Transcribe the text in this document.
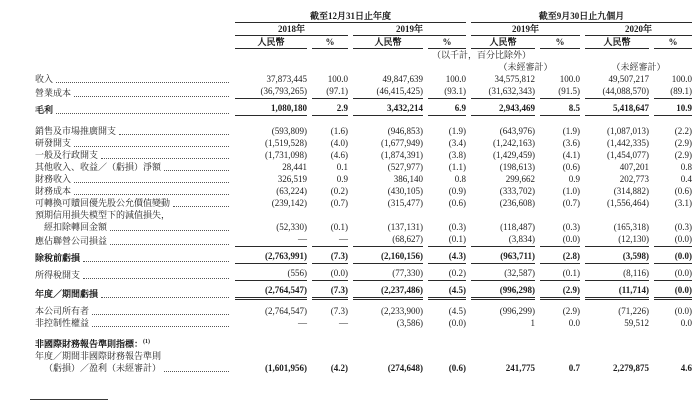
	截至12月31日止年度				截至9月30日止九個月			
	2018年		2019年		2019年		2020年	
	人民幣	%	人民幣	%	人民幣	%	人民幣	%
				（以千計，百分比除外）				
					（未經審計）		（未經審計）	

收入	37,873,445	100.0	49,847,639	100.0	34,575,812	100.0	49,507,217	100.0

營業成本	(36,793,265)	(97.1)	(46,415,425)	(93.1)	(31,632,343)	(91.5)	(44,088,570)	(89.1)

毛利	1,080,180	2.9	3,432,214	6.9	2,943,469	8.5	5,418,647	10.9

銷售及市場推廣開支	(593,809)	(1.6)	(946,853)	(1.9)	(643,976)	(1.9)	(1,087,013)	(2.2)

研發開支	(1,519,528)	(4.0)	(1,677,949)	(3.4)	(1,242,163)	(3.6)	(1,442,335)	(2.9)

一般及行政開支	(1,731,098)	(4.6)	(1,874,391)	(3.8)	(1,429,459)	(4.1)	(1,454,077)	(2.9)

其他收入、收益／（虧損）淨額	28,441	0.1	(527,977)	(1.1)	(198,613)	(0.6)	407,201	0.8

財務收入	326,519	0.9	386,140	0.8	299,662	0.9	202,773	0.4

財務成本	(63,224)	(0.2)	(430,105)	(0.9)	(333,702)	(1.0)	(314,882)	(0.6)

可轉換可贖回優先股公允價值變動	(239,142)	(0.7)	(315,477)	(0.6)	(236,608)	(0.7)	(1,556,464)	(3.1)

預期信用損失模型下的減值損失，
經扣除轉回金額	(52,330)	(0.1)	(137,131)	(0.3)	(118,487)	(0.3)	(165,318)	(0.3)

應佔聯營公司損益	—	—	(68,627)	(0.1)	(3,834)	(0.0)	(12,130)	(0.0)

除稅前虧損	(2,763,991)	(7.3)	(2,160,156)	(4.3)	(963,711)	(2.8)	(3,598)	(0.0)

所得稅開支	(556)	(0.0)	(77,330)	(0.2)	(32,587)	(0.1)	(8,116)	(0.0)

年度／期間虧損	(2,764,547)	(7.3)	(2,237,486)	(4.5)	(996,298)	(2.9)	(11,714)	(0.0)

本公司所有者	(2,764,547)	(7.3)	(2,233,900)	(4.5)	(996,299)	(2.9)	(71,226)	(0.0)

非控制性權益	—	—	(3,586)	(0.0)	1	0.0	59,512	0.0

非國際財務報告準則指標：$^{(1)}$

年度／期間非國際財務報告準則
（虧損）／盈利（未經審計）	(1,601,956)	(4.2)	(274,648)	(0.6)	241,775	0.7	2,279,875	4.6
